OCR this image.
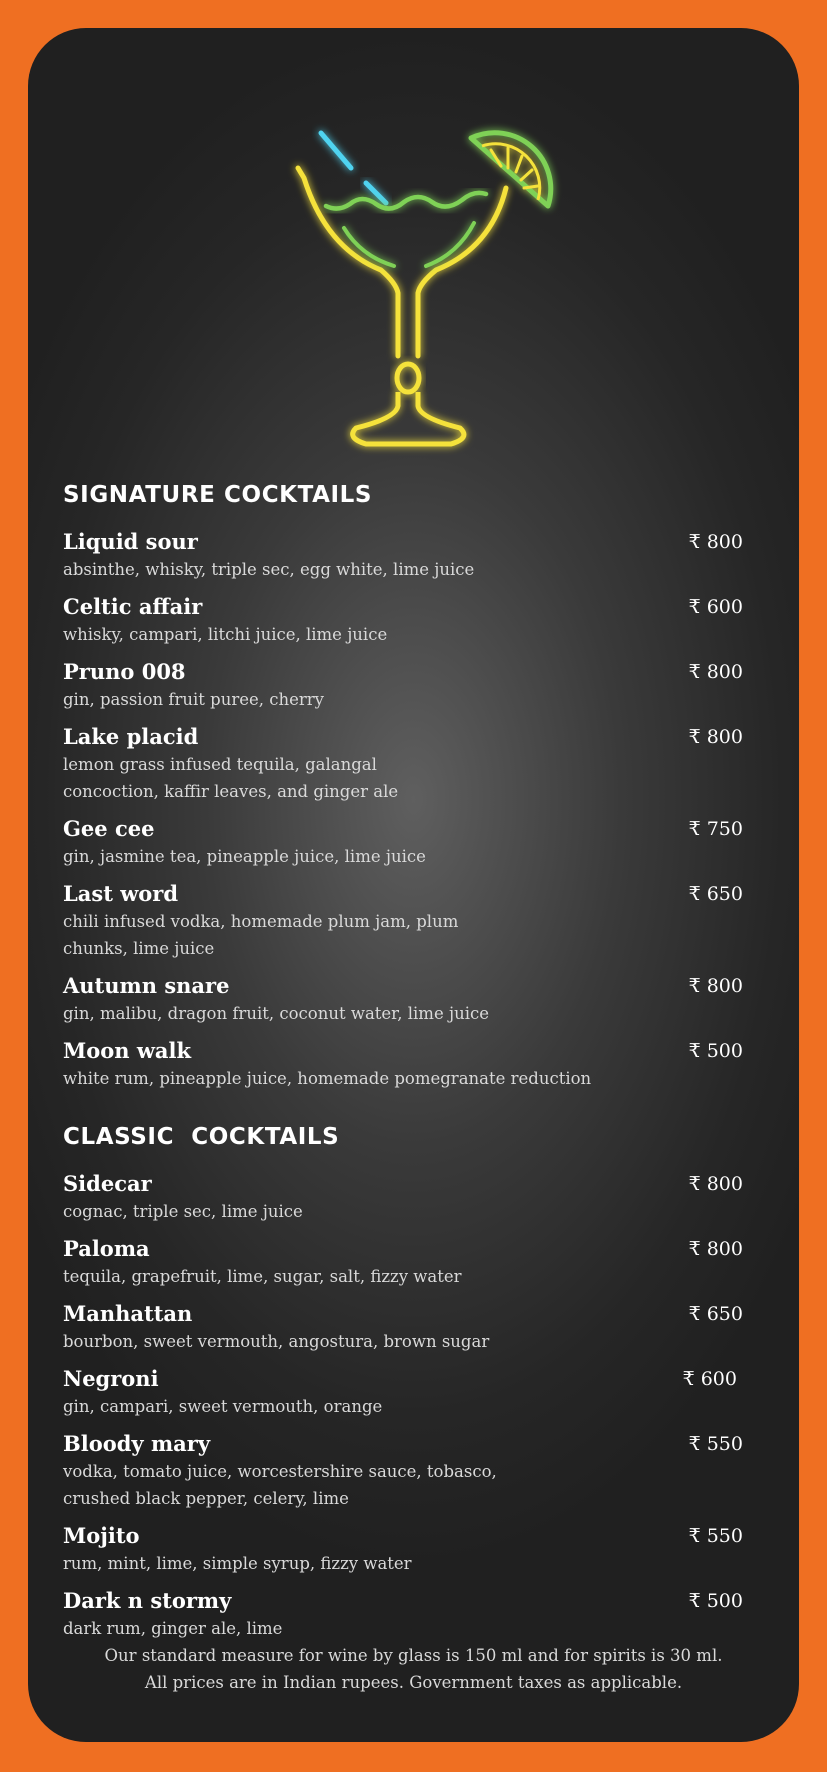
SIGNATURE COCKTAILS
Liquid sour
absinthe, whisky, triple sec, egg white, lime juice
₹ 800
Celtic affair
whisky, campari, litchi juice, lime juice
₹ 600
Pruno 008
gin, passion fruit puree, cherry
₹ 800
Lake placid
lemon grass infused tequila, galangal concoction, kaffir leaves, and ginger ale
₹ 800
Gee cee
gin, jasmine tea, pineapple juice, lime juice
₹ 750
Last word
chili infused vodka, homemade plum jam, plum chunks, lime juice
₹ 650
Autumn snare
gin, malibu, dragon fruit, coconut water, lime juice
₹ 800
Moon walk
white rum, pineapple juice, homemade pomegranate reduction
₹ 500
CLASSIC  COCKTAILS
Sidecar
cognac, triple sec, lime juice
₹ 800
Paloma
tequila, grapefruit, lime, sugar, salt, fizzy water
₹ 800
Manhattan
bourbon, sweet vermouth, angostura, brown sugar
₹ 650
Negroni
gin, campari, sweet vermouth, orange
₹ 600
Bloody mary
vodka, tomato juice, worcestershire sauce, tobasco, crushed black pepper, celery, lime
₹ 550
Mojito
rum, mint, lime, simple syrup, fizzy water
₹ 550
Dark n stormy
dark rum, ginger ale, lime
₹ 500
Our standard measure for wine by glass is 150 ml and for spirits is 30 ml.
All prices are in Indian rupees. Government taxes as applicable.
